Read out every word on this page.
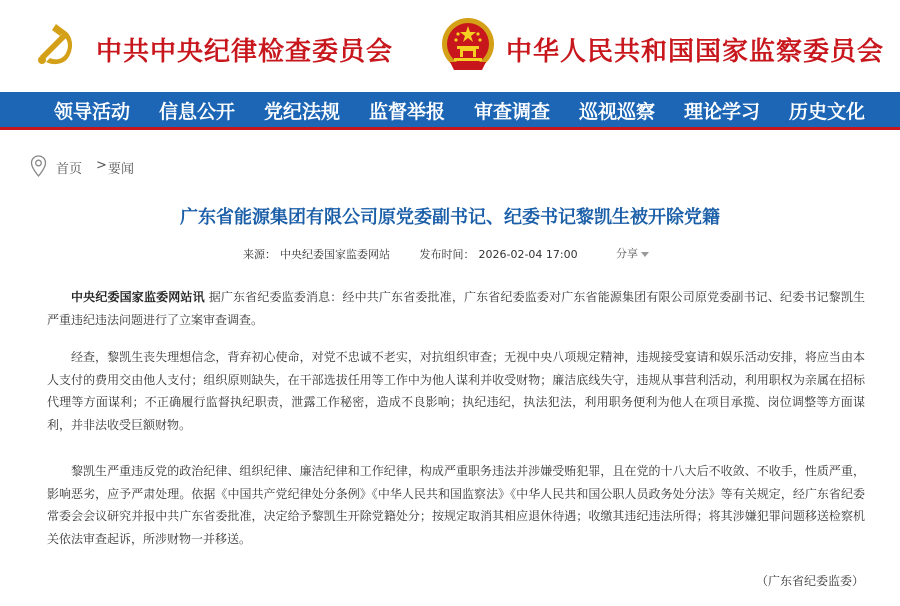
中共中央纪律检查委员会	中华人民共和国国家监察委员会
领导活动 信息公开 党纪法规 监督举报 审查调查 巡视巡察 理论学习 历史文化
首页 > 要闻
广东省能源集团有限公司原党委副书记、纪委书记黎凯生被开除党籍
来源： 中央纪委国家监委网站	发布时间： 2026-02-04 17:00	分享

中央纪委国家监委网站讯 据广东省纪委监委消息：经中共广东省委批准，广东省纪委监委对广东省能源集团有限公司原党委副书记、纪委书记黎凯生严重违纪违法问题进行了立案审查调查。

经查，黎凯生丧失理想信念，背弃初心使命，对党不忠诚不老实，对抗组织审查；无视中央八项规定精神，违规接受宴请和娱乐活动安排，将应当由本人支付的费用交由他人支付；组织原则缺失，在干部选拔任用等工作中为他人谋利并收受财物；廉洁底线失守，违规从事营利活动，利用职权为亲属在招标代理等方面谋利；不正确履行监督执纪职责，泄露工作秘密，造成不良影响；执纪违纪，执法犯法，利用职务便利为他人在项目承揽、岗位调整等方面谋利，并非法收受巨额财物。

黎凯生严重违反党的政治纪律、组织纪律、廉洁纪律和工作纪律，构成严重职务违法并涉嫌受贿犯罪，且在党的十八大后不收敛、不收手，性质严重，影响恶劣，应予严肃处理。依据《中国共产党纪律处分条例》《中华人民共和国监察法》《中华人民共和国公职人员政务处分法》等有关规定，经广东省纪委常委会会议研究并报中共广东省委批准，决定给予黎凯生开除党籍处分；按规定取消其相应退休待遇；收缴其违纪违法所得；将其涉嫌犯罪问题移送检察机关依法审查起诉，所涉财物一并移送。

（广东省纪委监委）
